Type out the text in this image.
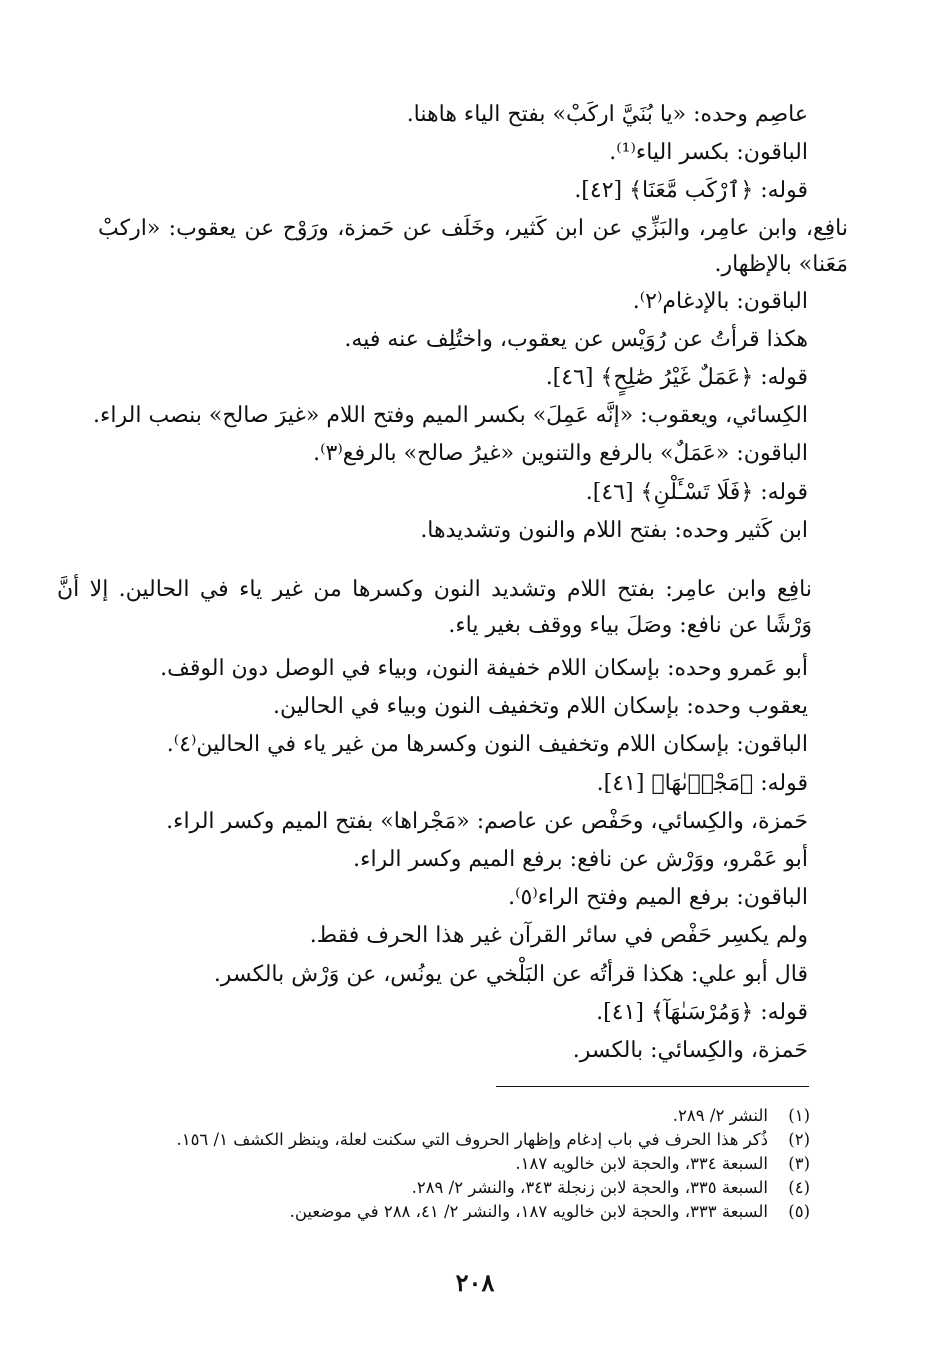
عاصِم وحده: «يا بُنَيَّ اركَبْ» بفتح الياء هاهنا.
الباقون: بكسر الياء⁽¹⁾.
قوله: ﴿ٱرْكَب مَّعَنَا﴾ [٤٢].
نافِع، وابن عامِر، والبَزِّي عن ابن كَثير، وخَلَف عن حَمزة، ورَوْح عن يعقوب: «اركبْ مَعَنا» بالإظهار.
الباقون: بالإدغام⁽٢⁾.
هكذا قرأتُ عن رُوَيْس عن يعقوب، واختُلِف عنه فيه.
قوله: ﴿عَمَلٌ غَيْرُ صَٰلِحٍ﴾ [٤٦].
الكِسائي، ويعقوب: «إنَّه عَمِلَ» بكسر الميم وفتح اللام «غيرَ صالح» بنصب الراء.
الباقون: «عَمَلٌ» بالرفع والتنوين «غيرُ صالح» بالرفع⁽٣⁾.
قوله: ﴿فَلَا تَسْـَٔلْنِ﴾ [٤٦].
ابن كَثير وحده: بفتح اللام والنون وتشديدها.
نافِع وابن عامِر: بفتح اللام وتشديد النون وكسرها من غير ياء في الحالين. إلا أنَّ وَرْشًا عن نافع: وصَلَ بياء ووقف بغير ياء.
أبو عَمرو وحده: بإسكان اللام خفيفة النون، وبياء في الوصل دون الوقف.
يعقوب وحده: بإسكان اللام وتخفيف النون وبياء في الحالين.
الباقون: بإسكان اللام وتخفيف النون وكسرها من غير ياء في الحالين⁽٤⁾.
قوله: ﴿مَجْرٜىٰهَا﴾ [٤١].
حَمزة، والكِسائي، وحَفْص عن عاصم: «مَجْراها» بفتح الميم وكسر الراء.
أبو عَمْرو، ووَرْش عن نافع: برفع الميم وكسر الراء.
الباقون: برفع الميم وفتح الراء⁽٥⁾.
ولم يكسِر حَفْص في سائر القرآن غير هذا الحرف فقط.
قال أبو علي: هكذا قرأتُه عن البَلْخي عن يونُس، عن وَرْش بالكسر.
قوله: ﴿وَمُرْسَىٰهَآ﴾ [٤١].
حَمزة، والكِسائي: بالكسر.
(١)
النشر ٢/ ٢٨٩.
(٢)
ذُكر هذا الحرف في باب إدغام وإظهار الحروف التي سكنت لعلة، وينظر الكشف ١/ ١٥٦.
(٣)
السبعة ٣٣٤، والحجة لابن خالويه ١٨٧.
(٤)
السبعة ٣٣٥، والحجة لابن زنجلة ٣٤٣، والنشر ٢/ ٢٨٩.
(٥)
السبعة ٣٣٣، والحجة لابن خالويه ١٨٧، والنشر ٢/ ٤١، ٢٨٨ في موضعين.
٢٠٨
